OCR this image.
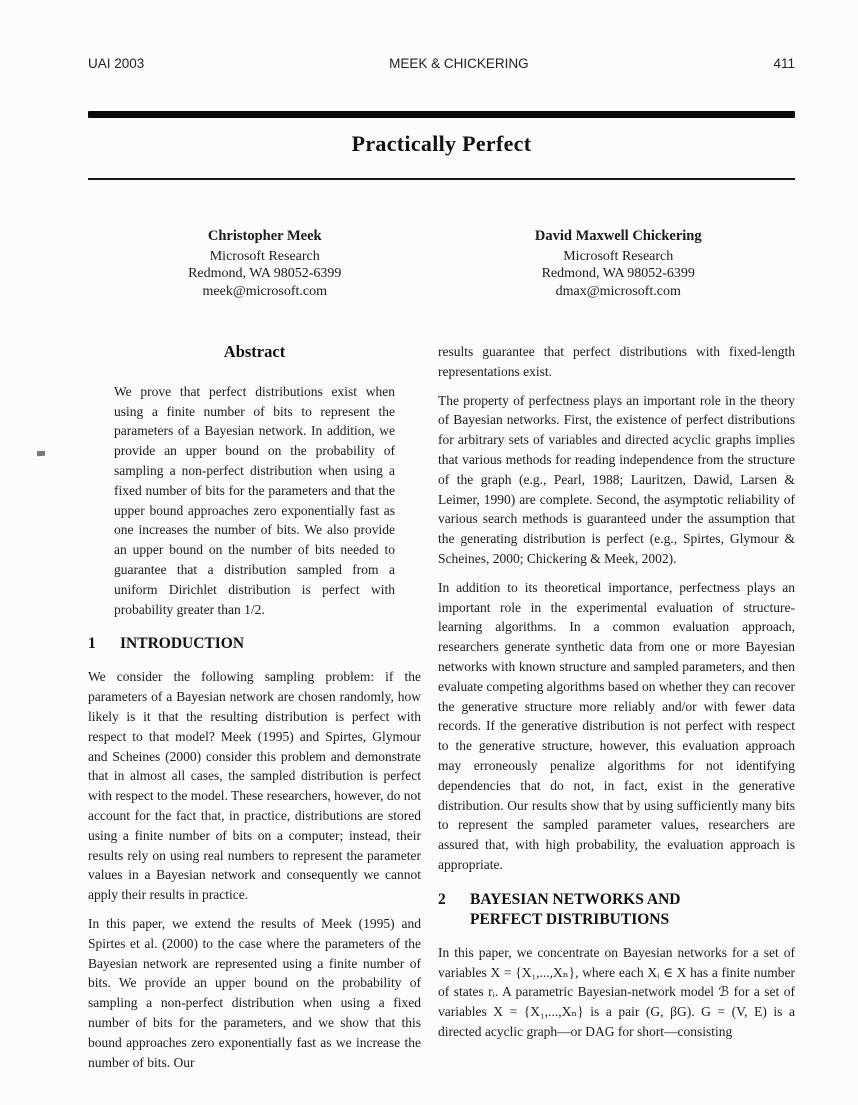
UAI 2003	MEEK & CHICKERING	411
Practically Perfect
Christopher Meek
Microsoft Research
Redmond, WA 98052-6399
meek@microsoft.com
David Maxwell Chickering
Microsoft Research
Redmond, WA 98052-6399
dmax@microsoft.com
Abstract

We prove that perfect distributions exist when using a finite number of bits to represent the parameters of a Bayesian network. In addition, we provide an upper bound on the probability of sampling a non-perfect distribution when using a fixed number of bits for the parameters and that the upper bound approaches zero exponentially fast as one increases the number of bits. We also provide an upper bound on the number of bits needed to guarantee that a distribution sampled from a uniform Dirichlet distribution is perfect with probability greater than 1/2.

1	INTRODUCTION

We consider the following sampling problem: if the parameters of a Bayesian network are chosen randomly, how likely is it that the resulting distribution is perfect with respect to that model? Meek (1995) and Spirtes, Glymour and Scheines (2000) consider this problem and demonstrate that in almost all cases, the sampled distribution is perfect with respect to the model. These researchers, however, do not account for the fact that, in practice, distributions are stored using a finite number of bits on a computer; instead, their results rely on using real numbers to represent the parameter values in a Bayesian network and consequently we cannot apply their results in practice.

In this paper, we extend the results of Meek (1995) and Spirtes et al. (2000) to the case where the parameters of the Bayesian network are represented using a finite number of bits. We provide an upper bound on the probability of sampling a non-perfect distribution when using a fixed number of bits for the parameters, and we show that this bound approaches zero exponentially fast as we increase the number of bits. Our

results guarantee that perfect distributions with fixed-length representations exist.

The property of perfectness plays an important role in the theory of Bayesian networks. First, the existence of perfect distributions for arbitrary sets of variables and directed acyclic graphs implies that various methods for reading independence from the structure of the graph (e.g., Pearl, 1988; Lauritzen, Dawid, Larsen & Leimer, 1990) are complete. Second, the asymptotic reliability of various search methods is guaranteed under the assumption that the generating distribution is perfect (e.g., Spirtes, Glymour & Scheines, 2000; Chickering & Meek, 2002).

In addition to its theoretical importance, perfectness plays an important role in the experimental evaluation of structure-learning algorithms. In a common evaluation approach, researchers generate synthetic data from one or more Bayesian networks with known structure and sampled parameters, and then evaluate competing algorithms based on whether they can recover the generative structure more reliably and/or with fewer data records. If the generative distribution is not perfect with respect to the generative structure, however, this evaluation approach may erroneously penalize algorithms for not identifying dependencies that do not, in fact, exist in the generative distribution. Our results show that by using sufficiently many bits to represent the sampled parameter values, researchers are assured that, with high probability, the evaluation approach is appropriate.

2	BAYESIAN NETWORKS AND PERFECT DISTRIBUTIONS

In this paper, we concentrate on Bayesian networks for a set of variables X = {X₁,...,Xₙ}, where each Xᵢ ∈ X has a finite number of states rᵢ. A parametric Bayesian-network model ℬ for a set of variables X = {X₁,...,Xₙ} is a pair (G, βG). G = (V, E) is a directed acyclic graph—or DAG for short—consisting
